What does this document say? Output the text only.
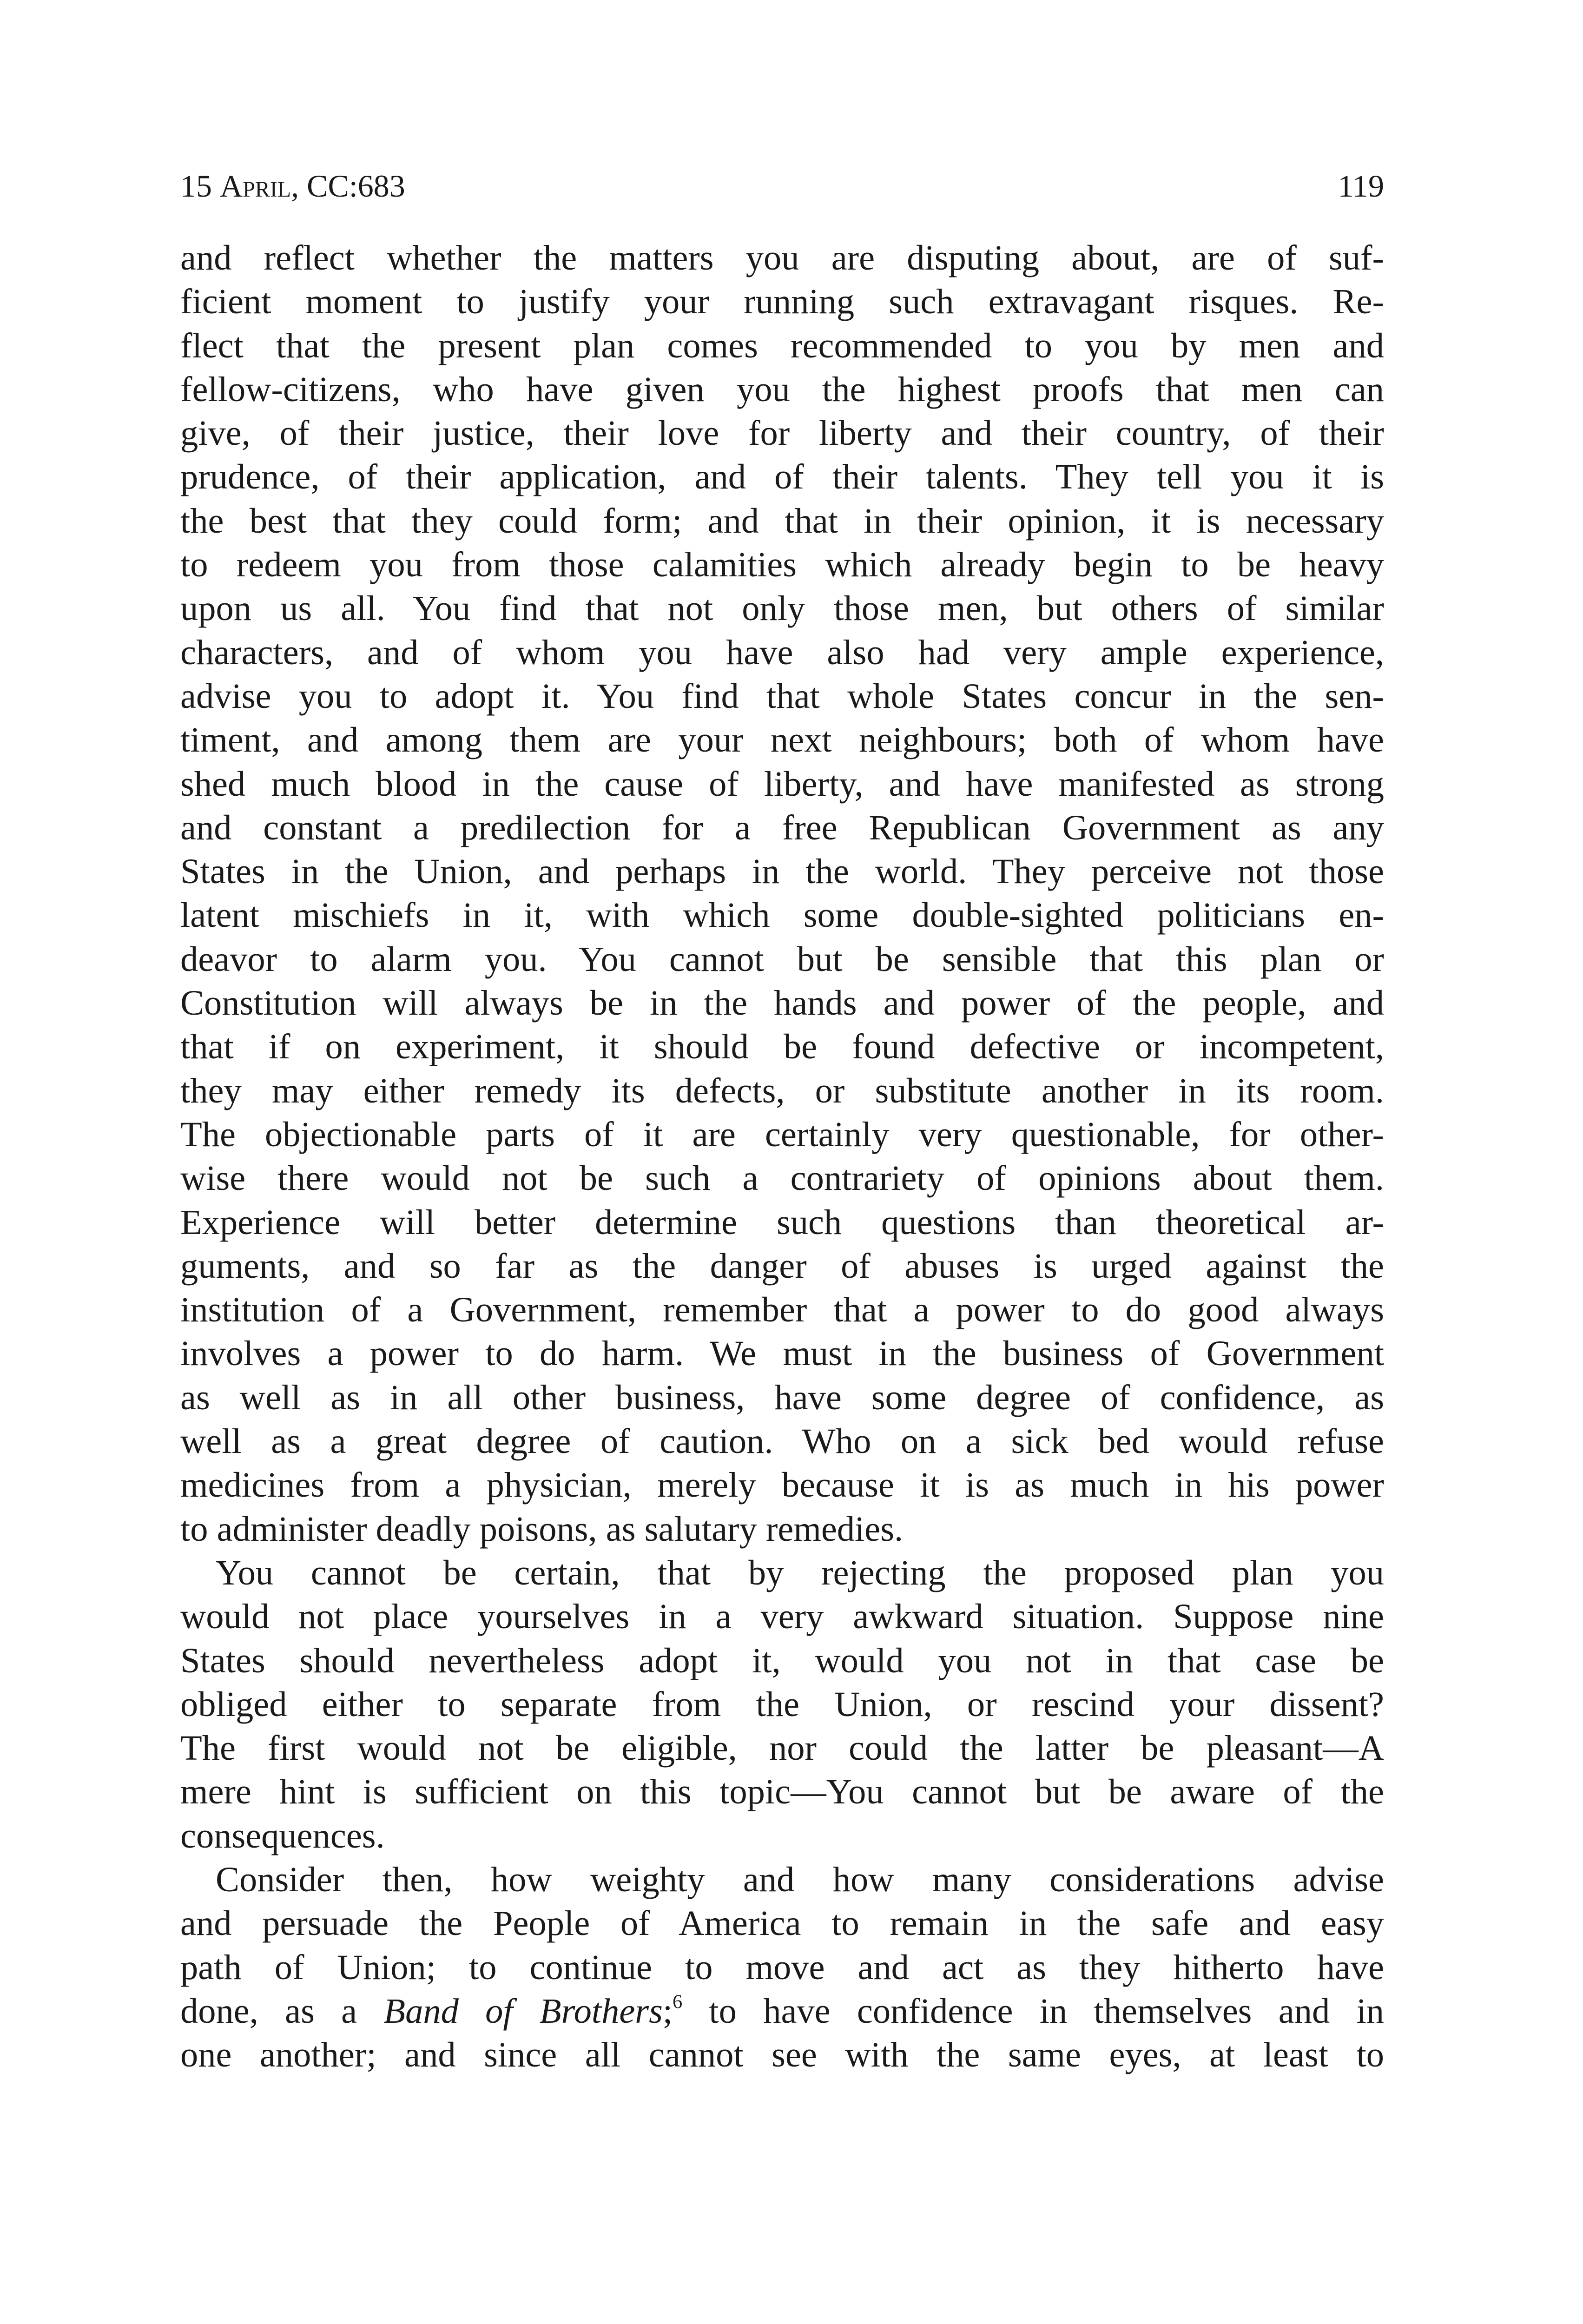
15 April, CC:683	119
and reflect whether the matters you are disputing about, are of suf-
ficient moment to justify your running such extravagant risques. Re-
flect that the present plan comes recommended to you by men and
fellow-citizens, who have given you the highest proofs that men can
give, of their justice, their love for liberty and their country, of their
prudence, of their application, and of their talents. They tell you it is
the best that they could form; and that in their opinion, it is necessary
to redeem you from those calamities which already begin to be heavy
upon us all. You find that not only those men, but others of similar
characters, and of whom you have also had very ample experience,
advise you to adopt it. You find that whole States concur in the sen-
timent, and among them are your next neighbours; both of whom have
shed much blood in the cause of liberty, and have manifested as strong
and constant a predilection for a free Republican Government as any
States in the Union, and perhaps in the world. They perceive not those
latent mischiefs in it, with which some double-sighted politicians en-
deavor to alarm you. You cannot but be sensible that this plan or
Constitution will always be in the hands and power of the people, and
that if on experiment, it should be found defective or incompetent,
they may either remedy its defects, or substitute another in its room.
The objectionable parts of it are certainly very questionable, for other-
wise there would not be such a contrariety of opinions about them.
Experience will better determine such questions than theoretical ar-
guments, and so far as the danger of abuses is urged against the
institution of a Government, remember that a power to do good always
involves a power to do harm. We must in the business of Government
as well as in all other business, have some degree of confidence, as
well as a great degree of caution. Who on a sick bed would refuse
medicines from a physician, merely because it is as much in his power
to administer deadly poisons, as salutary remedies.
You cannot be certain, that by rejecting the proposed plan you
would not place yourselves in a very awkward situation. Suppose nine
States should nevertheless adopt it, would you not in that case be
obliged either to separate from the Union, or rescind your dissent?
The first would not be eligible, nor could the latter be pleasant—A
mere hint is sufficient on this topic—You cannot but be aware of the
consequences.
Consider then, how weighty and how many considerations advise
and persuade the People of America to remain in the safe and easy
path of Union; to continue to move and act as they hitherto have
done, as a Band of Brothers;$^6$ to have confidence in themselves and in
one another; and since all cannot see with the same eyes, at least to
